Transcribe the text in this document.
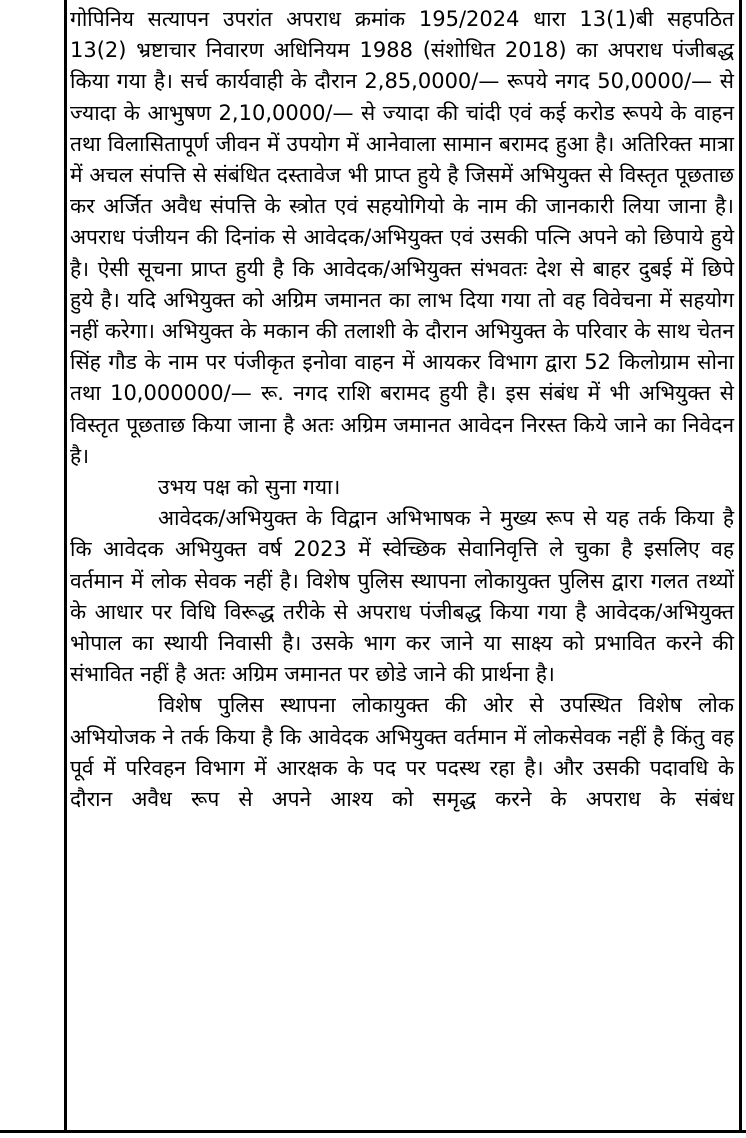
गोपिनिय सत्यापन उपरांत अपराध क्रमांक 195/2024 धारा 13(1)बी सहपठित 13(2) भ्रष्टाचार निवारण अधिनियम 1988 (संशोधित 2018) का अपराध पंजीबद्ध किया गया है। सर्च कार्यवाही के दौरान 2,85,0000/— रूपये नगद 50,0000/— से ज्यादा के आभुषण 2,10,0000/— से ज्यादा की चांदी एवं कई करोड रूपये के वाहन तथा विलासितापूर्ण जीवन में उपयोग में आनेवाला सामान बरामद हुआ है। अतिरिक्त मात्रा में अचल संपत्ति से संबंधित दस्तावेज भी प्राप्त हुये है जिसमें अभियुक्त से विस्तृत पूछताछ कर अर्जित अवैध संपत्ति के स्त्रोत एवं सहयोगियो के नाम की जानकारी लिया जाना है। अपराध पंजीयन की दिनांक से आवेदक/अभियुक्त एवं उसकी पत्नि अपने को छिपाये हुये है। ऐसी सूचना प्राप्त हुयी है कि आवेदक/अभियुक्त संभवतः देश से बाहर दुबई में छिपे हुये है। यदि अभियुक्त को अग्रिम जमानत का लाभ दिया गया तो वह विवेचना में सहयोग नहीं करेगा। अभियुक्त के मकान की तलाशी के दौरान अभियुक्त के परिवार के साथ चेतन सिंह गौड के नाम पर पंजीकृत इनोवा वाहन में आयकर विभाग द्वारा 52 किलोग्राम सोना तथा 10,000000/— रू. नगद राशि बरामद हुयी है। इस संबंध में भी अभियुक्त से विस्तृत पूछताछ किया जाना है अतः अग्रिम जमानत आवेदन निरस्त किये जाने का निवेदन है।

उभय पक्ष को सुना गया।

आवेदक/अभियुक्त के विद्वान अभिभाषक ने मुख्य रूप से यह तर्क किया है कि आवेदक अभियुक्त वर्ष 2023 में स्वेच्छिक सेवानिवृत्ति ले चुका है इसलिए वह वर्तमान में लोक सेवक नहीं है। विशेष पुलिस स्थापना लोकायुक्त पुलिस द्वारा गलत तथ्यों के आधार पर विधि विरूद्ध तरीके से अपराध पंजीबद्ध किया गया है आवेदक/अभियुक्त भोपाल का स्थायी निवासी है। उसके भाग कर जाने या साक्ष्य को प्रभावित करने की संभावित नहीं है अतः अग्रिम जमानत पर छोडे जाने की प्रार्थना है।

विशेष पुलिस स्थापना लोकायुक्त की ओर से उपस्थित विशेष लोक अभियोजक ने तर्क किया है कि आवेदक अभियुक्त वर्तमान में लोकसेवक नहीं है किंतु वह पूर्व में परिवहन विभाग में आरक्षक के पद पर पदस्थ रहा है। और उसकी पदावधि के दौरान अवैध रूप से अपने आश्य को समृद्ध करने के अपराध के संबंध
